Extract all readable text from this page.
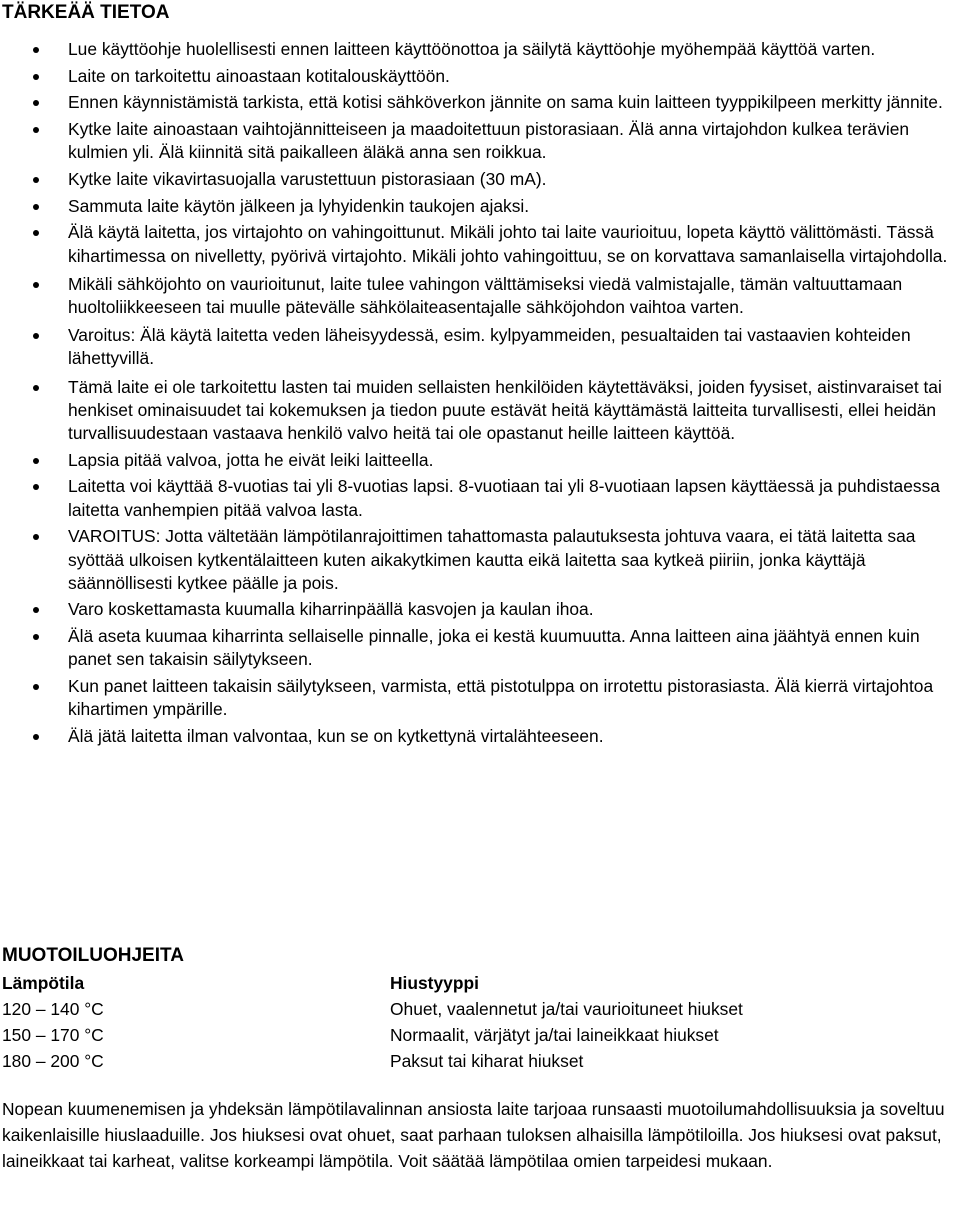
TÄRKEÄÄ TIETOA
Lue käyttöohje huolellisesti ennen laitteen käyttöönottoa ja säilytä käyttöohje myöhempää käyttöä varten.
Laite on tarkoitettu ainoastaan kotitalouskäyttöön.
Ennen käynnistämistä tarkista, että kotisi sähköverkon jännite on sama kuin laitteen tyyppikilpeen merkitty jännite.
Kytke laite ainoastaan vaihtojännitteiseen ja maadoitettuun pistorasiaan. Älä anna virtajohdon kulkea terävien kulmien yli. Älä kiinnitä sitä paikalleen äläkä anna sen roikkua.
Kytke laite vikavirtasuojalla varustettuun pistorasiaan (30 mA).
Sammuta laite käytön jälkeen ja lyhyidenkin taukojen ajaksi.
Älä käytä laitetta, jos virtajohto on vahingoittunut. Mikäli johto tai laite vaurioituu, lopeta käyttö välittömästi. Tässä kihartimessa on nivelletty, pyörivä virtajohto. Mikäli johto vahingoittuu, se on korvattava samanlaisella virtajohdolla.
Mikäli sähköjohto on vaurioitunut, laite tulee vahingon välttämiseksi viedä valmistajalle, tämän valtuuttamaan huoltoliikkeeseen tai muulle pätevälle sähkölaiteasentajalle sähköjohdon vaihtoa varten.
Varoitus: Älä käytä laitetta veden läheisyydessä, esim. kylpyammeiden, pesualtaiden tai vastaavien kohteiden lähettyvillä.
Tämä laite ei ole tarkoitettu lasten tai muiden sellaisten henkilöiden käytettäväksi, joiden fyysiset, aistinvaraiset tai henkiset ominaisuudet tai kokemuksen ja tiedon puute estävät heitä käyttämästä laitteita turvallisesti, ellei heidän turvallisuudestaan vastaava henkilö valvo heitä tai ole opastanut heille laitteen käyttöä.
Lapsia pitää valvoa, jotta he eivät leiki laitteella.
Laitetta voi käyttää 8-vuotias tai yli 8-vuotias lapsi. 8-vuotiaan tai yli 8-vuotiaan lapsen käyttäessä ja puhdistaessa laitetta vanhempien pitää valvoa lasta.
VAROITUS: Jotta vältetään lämpötilanrajoittimen tahattomasta palautuksesta johtuva vaara, ei tätä laitetta saa syöttää ulkoisen kytkentälaitteen kuten aikakytkimen kautta eikä laitetta saa kytkeä piiriin, jonka käyttäjä säännöllisesti kytkee päälle ja pois.
Varo koskettamasta kuumalla kiharrinpäällä kasvojen ja kaulan ihoa.
Älä aseta kuumaa kiharrinta sellaiselle pinnalle, joka ei kestä kuumuutta. Anna laitteen aina jäähtyä ennen kuin panet sen takaisin säilytykseen.
Kun panet laitteen takaisin säilytykseen, varmista, että pistotulppa on irrotettu pistorasiasta. Älä kierrä virtajohtoa kihartimen ympärille.
Älä jätä laitetta ilman valvontaa, kun se on kytkettynä virtalähteeseen.
MUOTOILUOHJEITA
Lämpötila	Hiustyyppi
120 – 140 °C	Ohuet, vaalennetut ja/tai vaurioituneet hiukset
150 – 170 °C	Normaalit, värjätyt ja/tai laineikkaat hiukset
180 – 200 °C	Paksut tai kiharat hiukset

Nopean kuumenemisen ja yhdeksän lämpötilavalinnan ansiosta laite tarjoaa runsaasti muotoilumahdollisuuksia ja soveltuu kaikenlaisille hiuslaaduille. Jos hiuksesi ovat ohuet, saat parhaan tuloksen alhaisilla lämpötiloilla. Jos hiuksesi ovat paksut, laineikkaat tai karheat, valitse korkeampi lämpötila. Voit säätää lämpötilaa omien tarpeidesi mukaan.
